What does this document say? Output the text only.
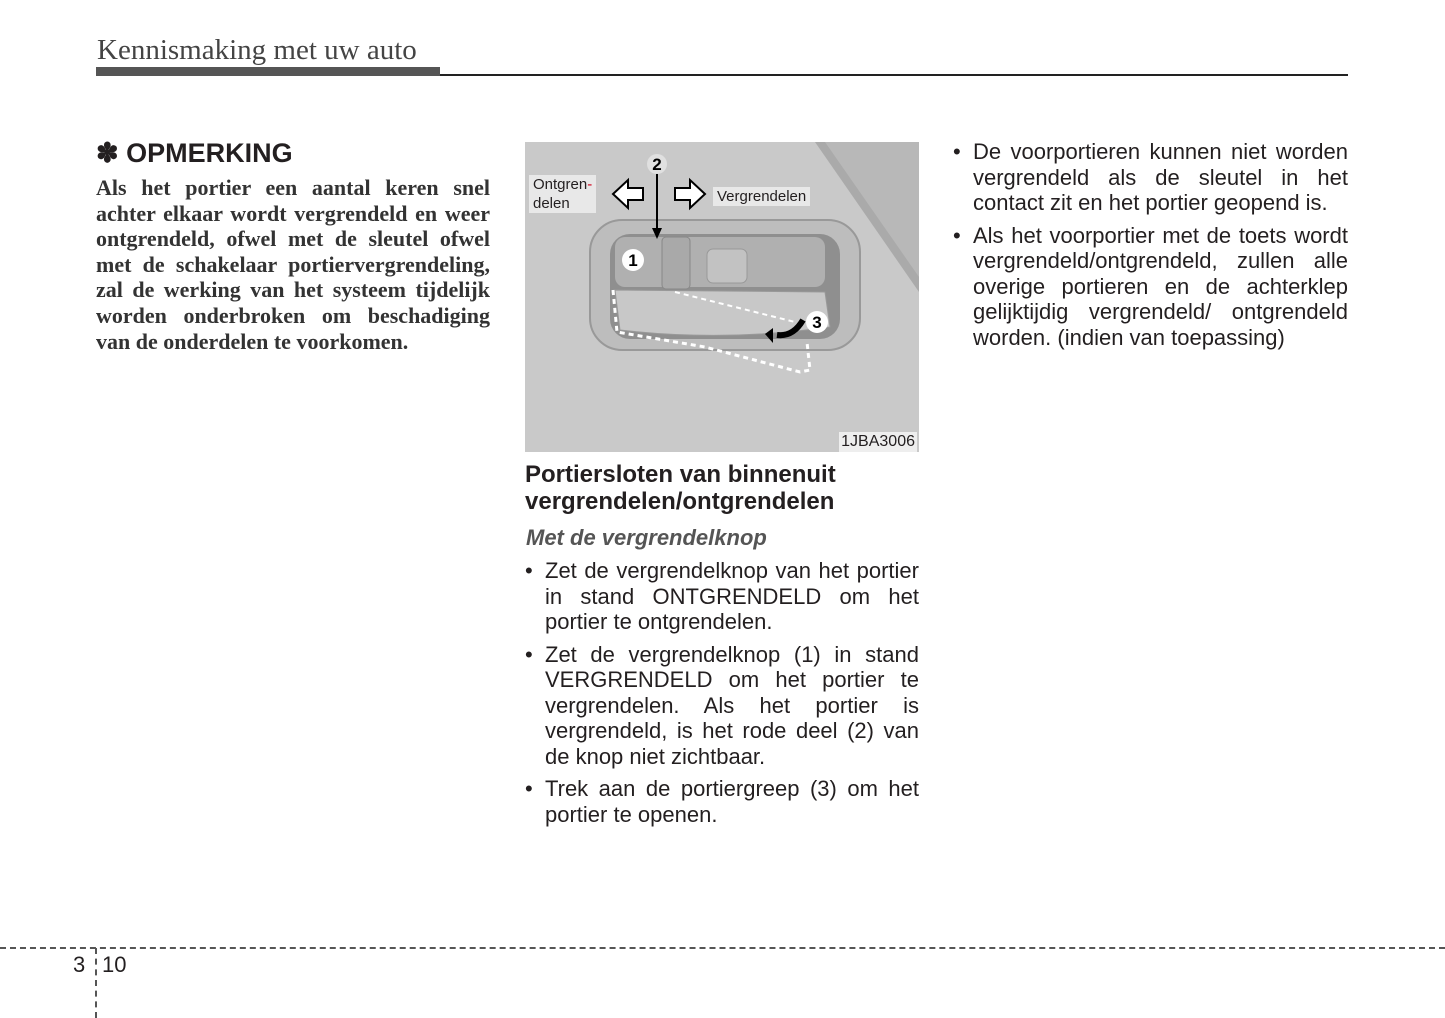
Kennismaking met uw auto
✽ OPMERKING
Als het portier een aantal keren snel achter elkaar wordt vergrendeld en weer ontgrendeld, ofwel met de sleutel ofwel met de schakelaar portiervergrendeling, zal de werking van het systeem tijdelijk worden onderbroken om beschadiging van de onderdelen te voorkomen.
1
2
3
Ontgren-
delen	Vergrendelen
1JBA3006
Portiersloten van binnenuit vergrendelen/ontgrendelen
Met de vergrendelknop
• Zet de vergrendelknop van het portier in stand ONTGRENDELD om het portier te ontgrendelen.
• Zet de vergrendelknop (1) in stand VERGRENDELD om het portier te vergrendelen. Als het portier is vergrendeld, is het rode deel (2) van de knop niet zichtbaar.
• Trek aan de portiergreep (3) om het portier te openen.
• De voorportieren kunnen niet worden vergrendeld als de sleutel in het contact zit en het portier geopend is.
• Als het voorportier met de toets wordt vergrendeld/ontgrendeld, zullen alle overige portieren en de achterklep gelijktijdig vergrendeld/ ontgrendeld worden. (indien van toepassing)
3 10
